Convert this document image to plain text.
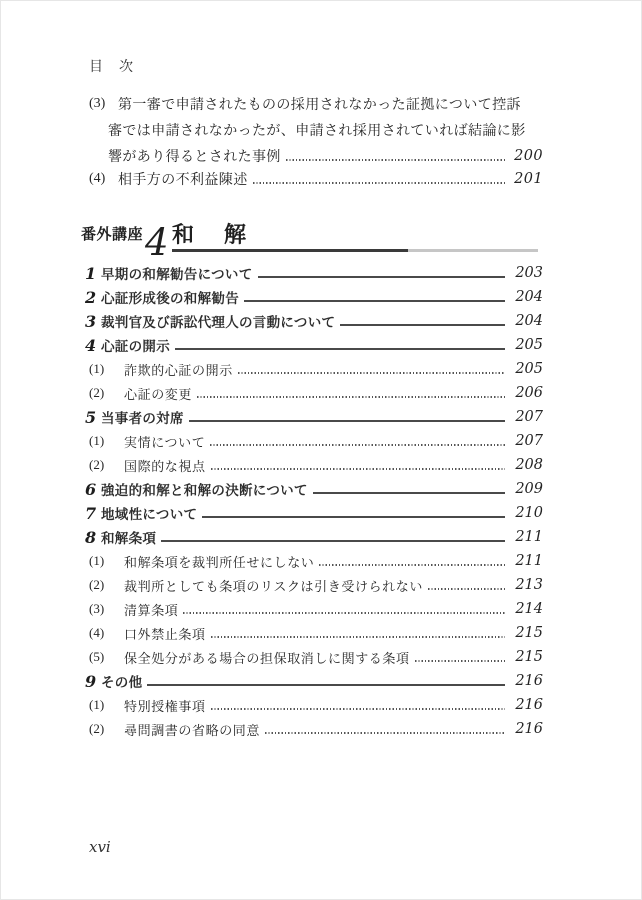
目　次
(3) 第一審で申請されたものの採用されなかった証拠について控訴
審では申請されなかったが、申請され採用されていれば結論に影
響があり得るとされた事例	200
(4) 相手方の不利益陳述	201
番外講座 4 和　解
1 早期の和解勧告について	203
2 心証形成後の和解勧告	204
3 裁判官及び訴訟代理人の言動について	204
4 心証の開示	205
(1)	詐欺的心証の開示	205
(2)	心証の変更	206
5 当事者の対席	207
(1)	実情について	207
(2)	国際的な視点	208
6 強迫的和解と和解の決断について	209
7 地域性について	210
8 和解条項	211
(1)	和解条項を裁判所任せにしない	211
(2)	裁判所としても条項のリスクは引き受けられない	213
(3)	清算条項	214
(4)	口外禁止条項	215
(5)	保全処分がある場合の担保取消しに関する条項	215
9 その他	216
(1)	特別授権事項	216
(2)	尋問調書の省略の同意	216
xvi
